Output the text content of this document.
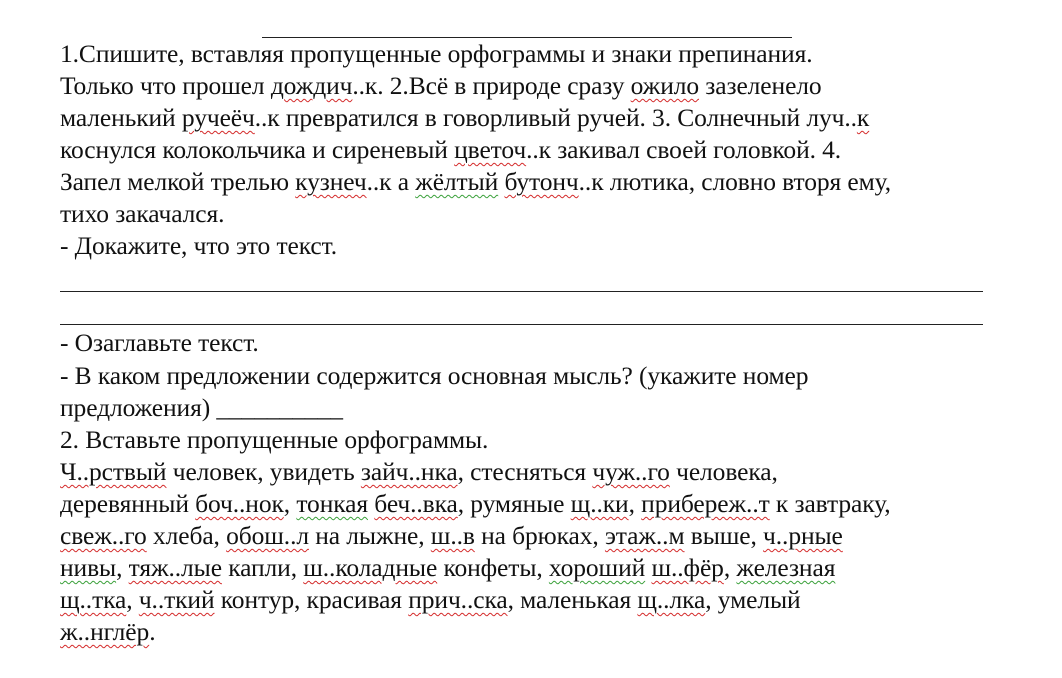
1.Спишите, вставляя пропущенные орфограммы и знаки препинания.
Только что прошел дождич..к. 2.Всё в природе сразу ожило зазеленело
маленький ручеёч..к превратился в говорливый ручей. 3. Солнечный луч..к
коснулся колокольчика и сиреневый цветоч..к закивал своей головкой. 4.
Запел мелкой трелью кузнеч..к а жёлтый бутонч..к лютика, словно вторя ему,
тихо закачался.
- Докажите, что это текст.
- Озаглавьте текст.
- В каком предложении содержится основная мысль? (укажите номер
предложения) __________
2. Вставьте пропущенные орфограммы.
Ч..рствый человек, увидеть зайч..нка, стесняться чуж..го человека,
деревянный боч..нок, тонкая беч..вка, румяные щ..ки, прибереж..т к завтраку,
свеж..го хлеба, обош..л на лыжне, ш..в на брюках, этаж..м выше, ч..рные
нивы, тяж..лые капли, ш..коладные конфеты, хороший ш..фёр, железная
щ..тка, ч..ткий контур, красивая прич..ска, маленькая щ..лка, умелый
ж..нглёр.
